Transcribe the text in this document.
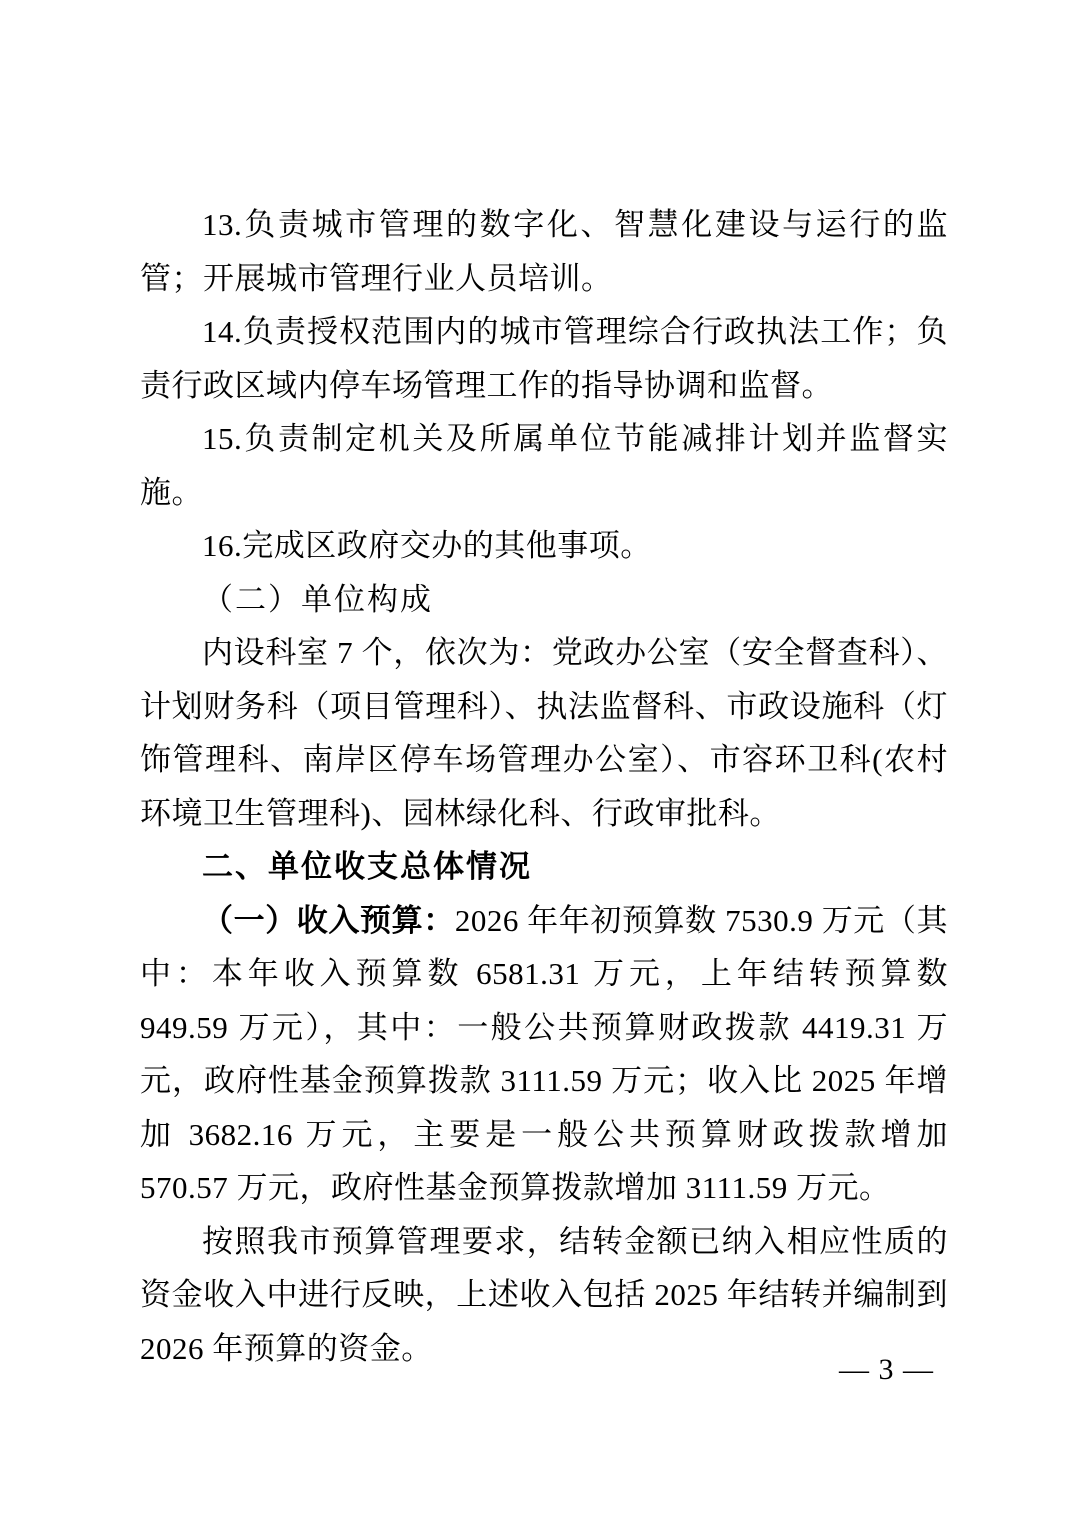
13.负责城市管理的数字化、智慧化建设与运行的监管；开展城市管理行业人员培训。

14.负责授权范围内的城市管理综合行政执法工作；负责行政区域内停车场管理工作的指导协调和监督。

15.负责制定机关及所属单位节能减排计划并监督实施。

16.完成区政府交办的其他事项。

（二）单位构成

内设科室 7 个，依次为：党政办公室（安全督查科）、计划财务科（项目管理科）、执法监督科、市政设施科（灯饰管理科、南岸区停车场管理办公室）、市容环卫科(农村环境卫生管理科)、园林绿化科、行政审批科。

二、单位收支总体情况

（一）收入预算：2026 年年初预算数 7530.9 万元（其中：本年收入预算数 6581.31 万元，上年结转预算数 949.59 万元），其中：一般公共预算财政拨款 4419.31 万元，政府性基金预算拨款 3111.59 万元；收入比 2025 年增加 3682.16 万元，主要是一般公共预算财政拨款增加 570.57 万元，政府性基金预算拨款增加 3111.59 万元。

按照我市预算管理要求，结转金额已纳入相应性质的资金收入中进行反映，上述收入包括 2025 年结转并编制到 2026 年预算的资金。

— 3 —
